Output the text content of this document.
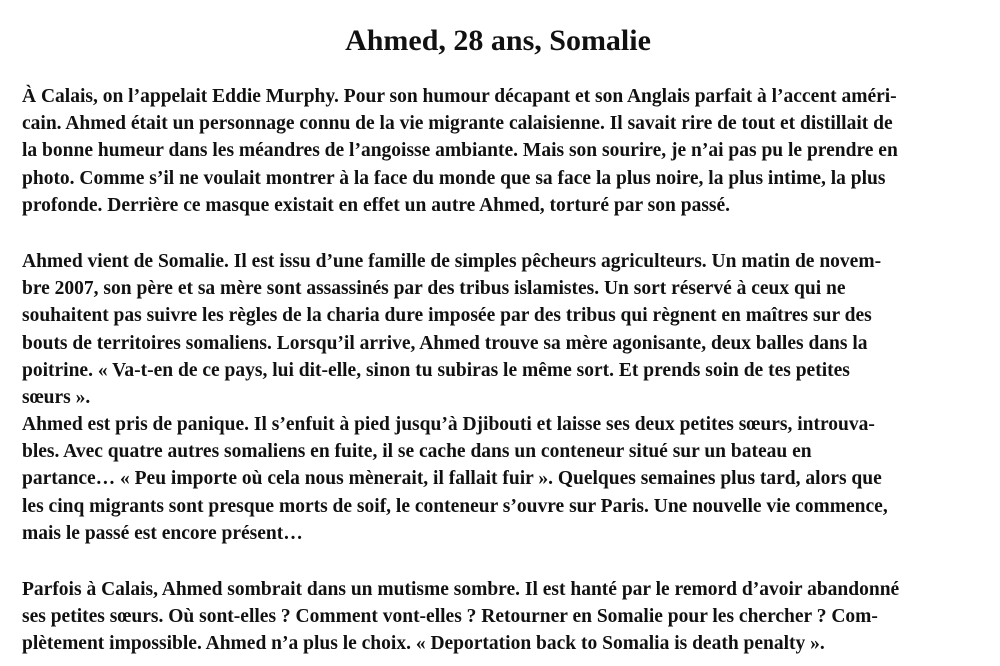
Ahmed, 28 ans, Somalie

À Calais, on l’appelait Eddie Murphy. Pour son humour décapant et son Anglais parfait à l’accent améri-
cain. Ahmed était un personnage connu de la vie migrante calaisienne. Il savait rire de tout et distillait de
la bonne humeur dans les méandres de l’angoisse ambiante. Mais son sourire, je n’ai pas pu le prendre en
photo. Comme s’il ne voulait montrer à la face du monde que sa face la plus noire, la plus intime, la plus
profonde. Derrière ce masque existait en effet un autre Ahmed, torturé par son passé.

Ahmed vient de Somalie. Il est issu d’une famille de simples pêcheurs agriculteurs. Un matin de novem-
bre 2007, son père et sa mère sont assassinés par des tribus islamistes. Un sort réservé à ceux qui ne
souhaitent pas suivre les règles de la charia dure imposée par des tribus qui règnent en maîtres sur des
bouts de territoires somaliens. Lorsqu’il arrive, Ahmed trouve sa mère agonisante, deux balles dans la
poitrine. « Va-t-en de ce pays, lui dit-elle, sinon tu subiras le même sort. Et prends soin de tes petites
sœurs ».

Ahmed est pris de panique. Il s’enfuit à pied jusqu’à Djibouti et laisse ses deux petites sœurs, introuva-
bles. Avec quatre autres somaliens en fuite, il se cache dans un conteneur situé sur un bateau en
partance… « Peu importe où cela nous mènerait, il fallait fuir ». Quelques semaines plus tard, alors que
les cinq migrants sont presque morts de soif, le conteneur s’ouvre sur Paris. Une nouvelle vie commence,
mais le passé est encore présent…

Parfois à Calais, Ahmed sombrait dans un mutisme sombre. Il est hanté par le remord d’avoir abandonné
ses petites sœurs. Où sont-elles ? Comment vont-elles ? Retourner en Somalie pour les chercher ? Com-
plètement impossible. Ahmed n’a plus le choix. « Deportation back to Somalia is death penalty ».
